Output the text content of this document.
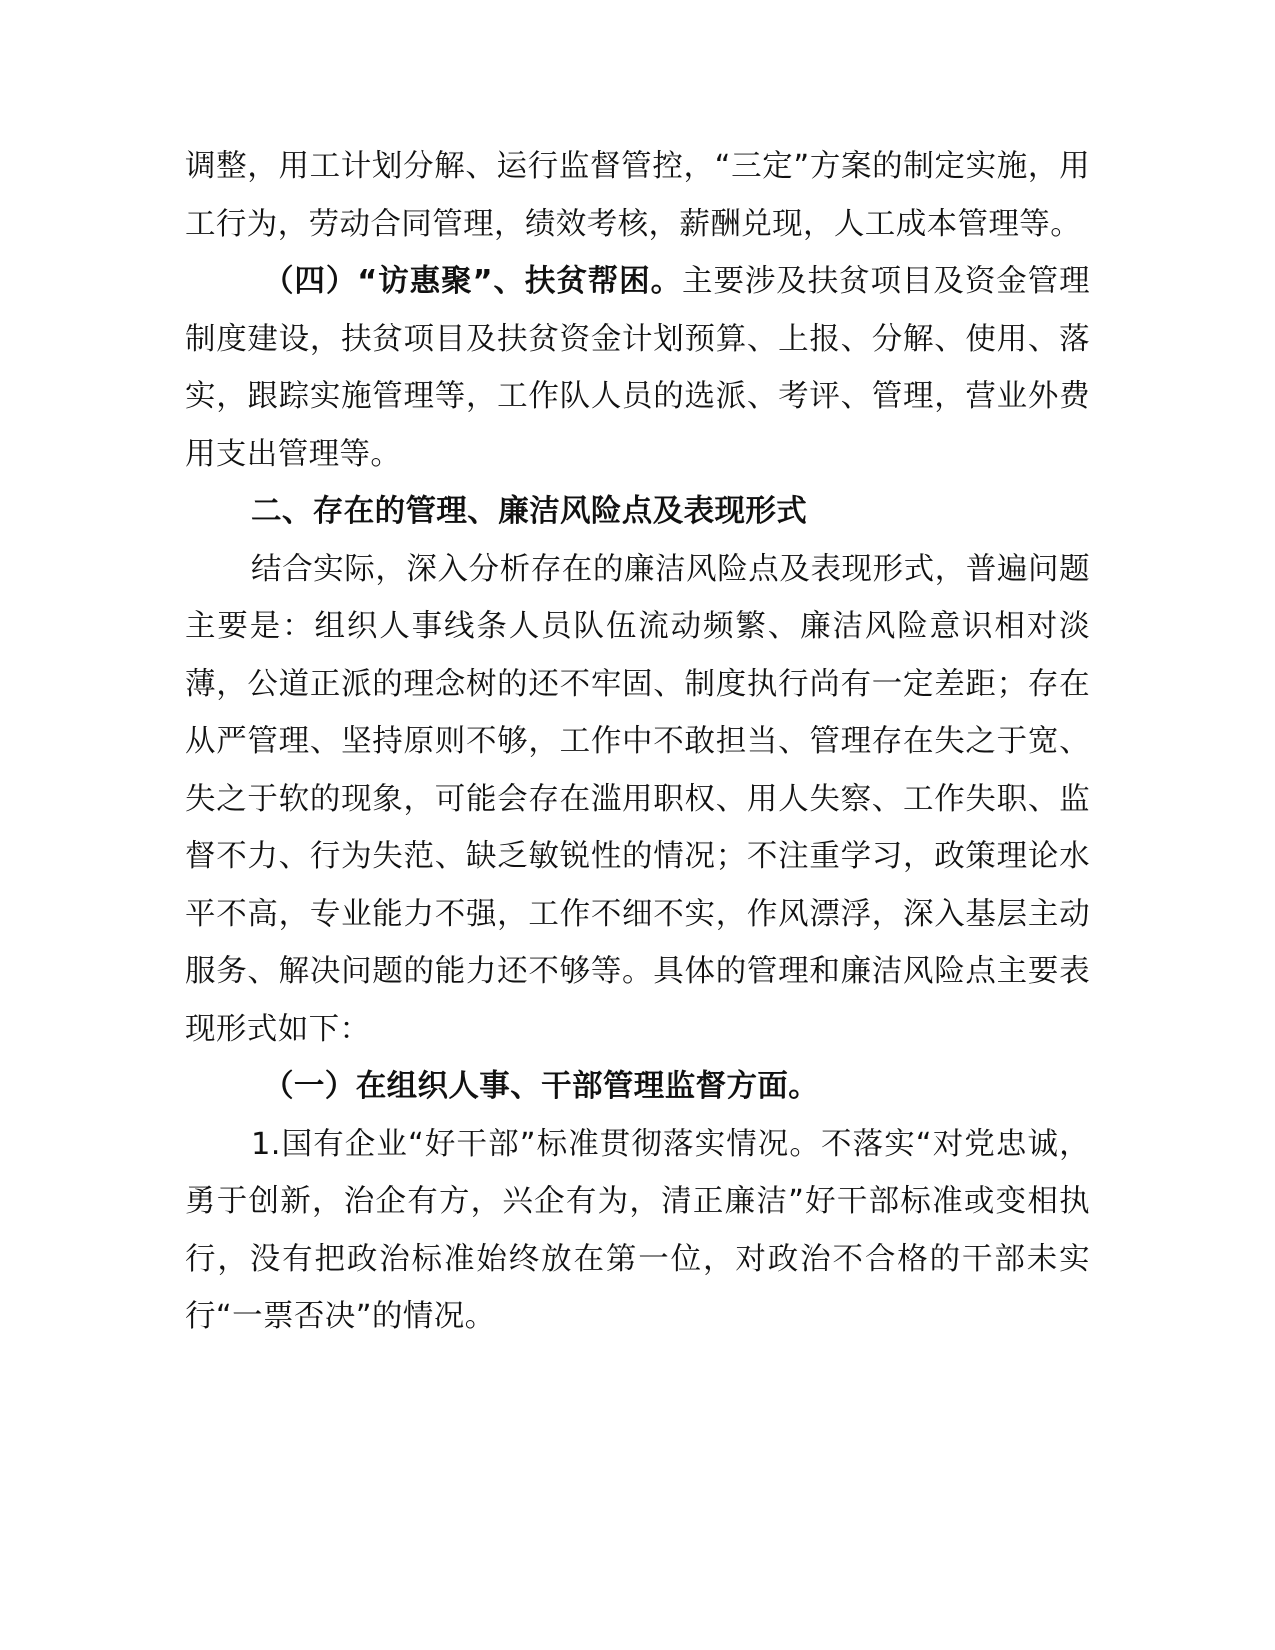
调整，用工计划分解、运行监督管控，“三定”方案的制定实施，用工行为，劳动合同管理，绩效考核，薪酬兑现，人工成本管理等。

（四）“访惠聚”、扶贫帮困。主要涉及扶贫项目及资金管理制度建设，扶贫项目及扶贫资金计划预算、上报、分解、使用、落实，跟踪实施管理等，工作队人员的选派、考评、管理，营业外费用支出管理等。

二、存在的管理、廉洁风险点及表现形式

结合实际，深入分析存在的廉洁风险点及表现形式，普遍问题主要是：组织人事线条人员队伍流动频繁、廉洁风险意识相对淡薄，公道正派的理念树的还不牢固、制度执行尚有一定差距；存在从严管理、坚持原则不够，工作中不敢担当、管理存在失之于宽、失之于软的现象，可能会存在滥用职权、用人失察、工作失职、监督不力、行为失范、缺乏敏锐性的情况；不注重学习，政策理论水平不高，专业能力不强，工作不细不实，作风漂浮，深入基层主动服务、解决问题的能力还不够等。具体的管理和廉洁风险点主要表现形式如下：

（一）在组织人事、干部管理监督方面。

1.国有企业“好干部”标准贯彻落实情况。不落实“对党忠诚，勇于创新，治企有方，兴企有为，清正廉洁”好干部标准或变相执行，没有把政治标准始终放在第一位，对政治不合格的干部未实行“一票否决”的情况。
